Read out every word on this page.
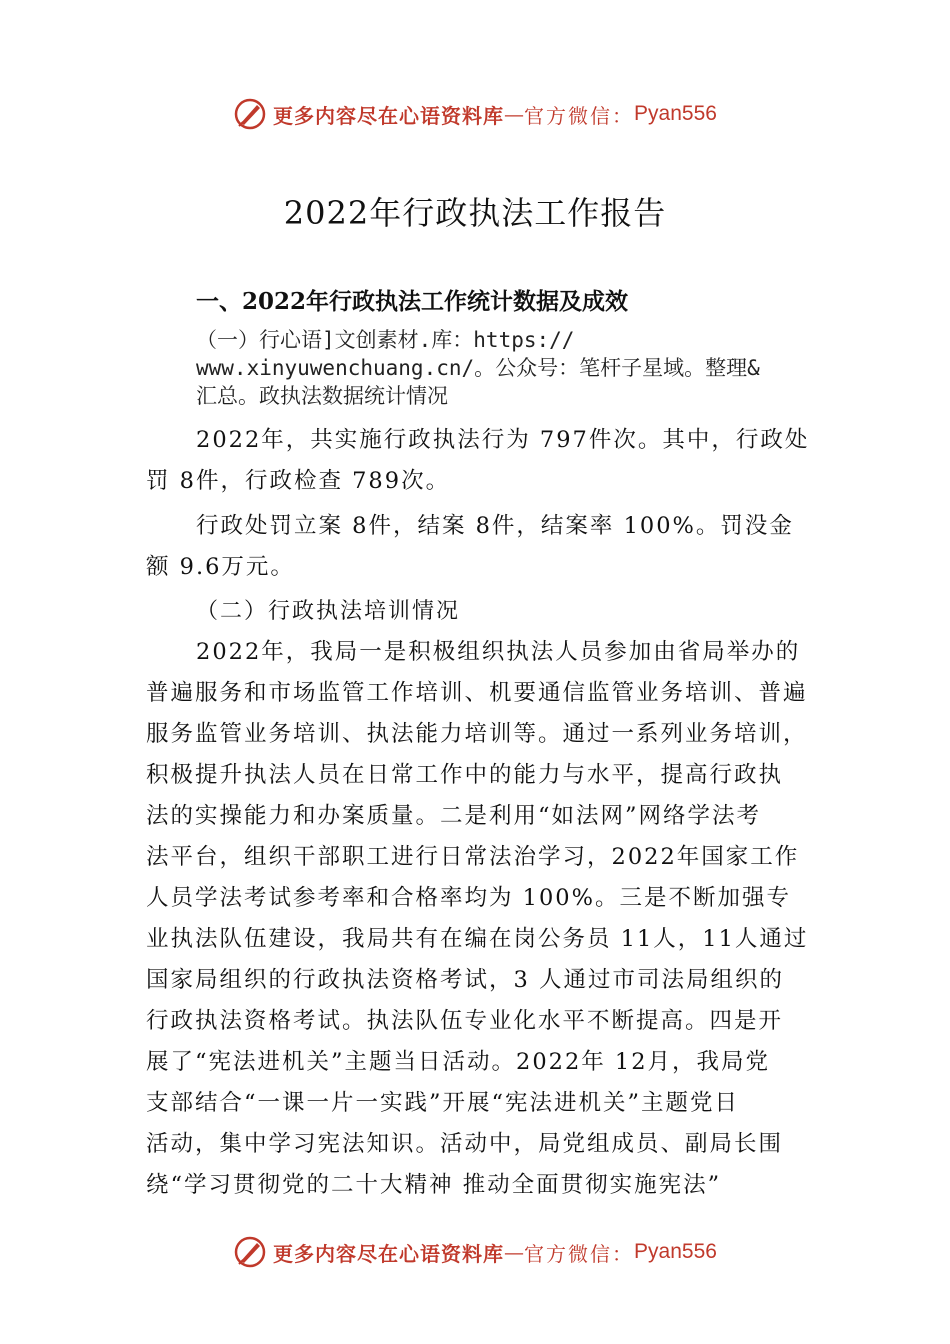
更多内容尽在心语资料库 — 官方微信： Pyan556
2022年行政执法工作报告
一、2022年行政执法工作统计数据及成效
（一）行心语]文创素材.库：https://
www.xinyuwenchuang.cn/。公众号：笔杆子星域。整理&
汇总。政执法数据统计情况
2022年，共实施行政执法行为 797件次。其中，行政处
罚 8件，行政检查 789次。
行政处罚立案 8件，结案 8件，结案率 100%。罚没金
额 9.6万元。
（二）行政执法培训情况
2022年，我局一是积极组织执法人员参加由省局举办的
普遍服务和市场监管工作培训、机要通信监管业务培训、普遍
服务监管业务培训、执法能力培训等。通过一系列业务培训，
积极提升执法人员在日常工作中的能力与水平，提高行政执
法的实操能力和办案质量。二是利用“如法网”网络学法考
法平台，组织干部职工进行日常法治学习，2022年国家工作
人员学法考试参考率和合格率均为 100%。三是不断加强专
业执法队伍建设，我局共有在编在岗公务员 11人，11人通过
国家局组织的行政执法资格考试，3 人通过市司法局组织的
行政执法资格考试。执法队伍专业化水平不断提高。四是开
展了“宪法进机关”主题当日活动。2022年 12月，我局党
支部结合“一课一片一实践”开展“宪法进机关”主题党日
活动，集中学习宪法知识。活动中，局党组成员、副局长围
绕“学习贯彻党的二十大精神 推动全面贯彻实施宪法”
更多内容尽在心语资料库 — 官方微信： Pyan556
